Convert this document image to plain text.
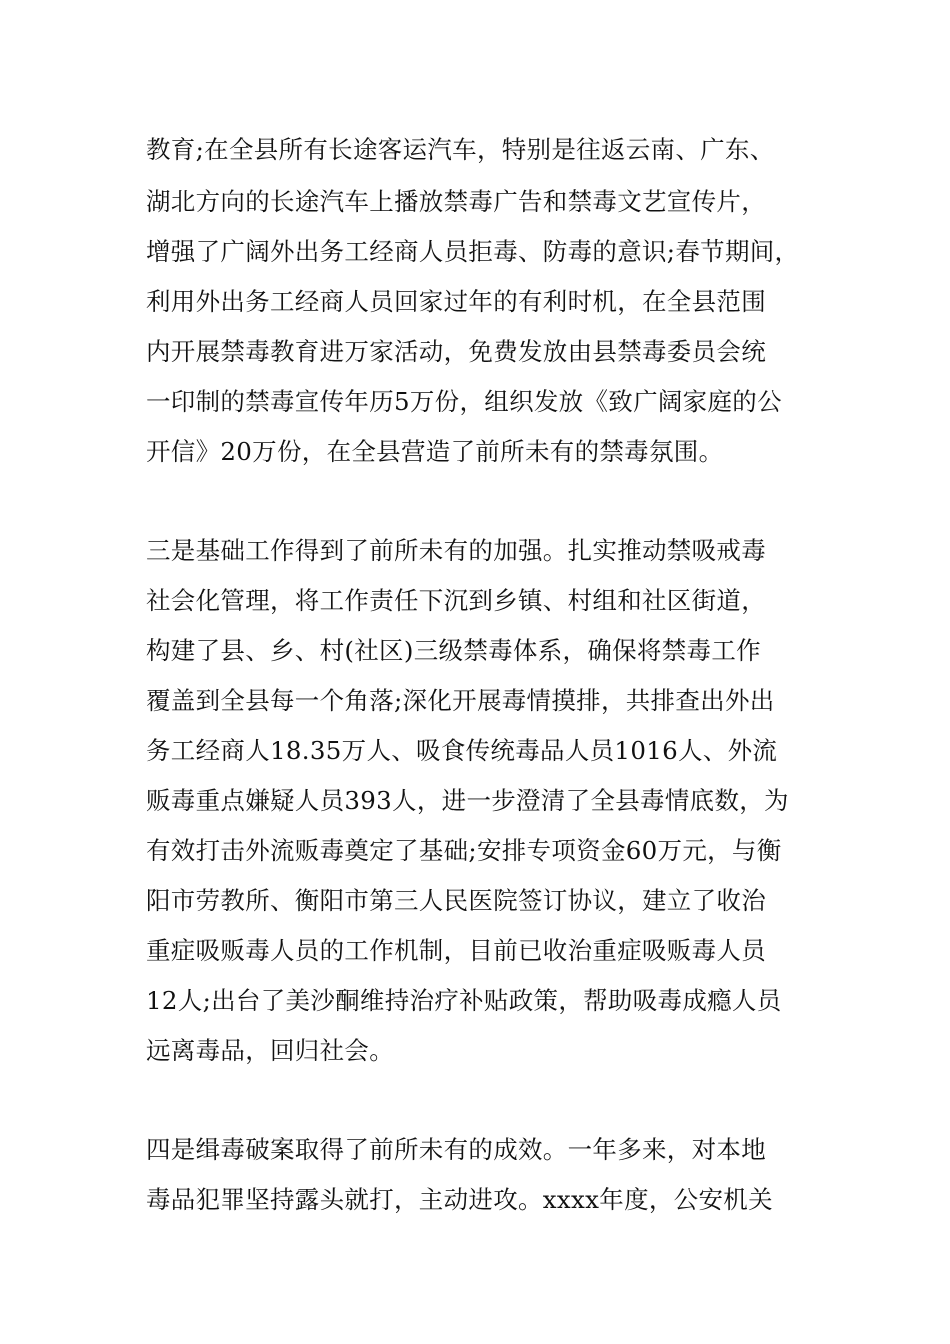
教育;在全县所有长途客运汽车，特别是往返云南、广东、
湖北方向的长途汽车上播放禁毒广告和禁毒文艺宣传片，
增强了广阔外出务工经商人员拒毒、防毒的意识;春节期间，
利用外出务工经商人员回家过年的有利时机，在全县范围
内开展禁毒教育进万家活动，免费发放由县禁毒委员会统
一印制的禁毒宣传年历5万份，组织发放《致广阔家庭的公
开信》20万份，在全县营造了前所未有的禁毒氛围。
三是基础工作得到了前所未有的加强。扎实推动禁吸戒毒
社会化管理，将工作责任下沉到乡镇、村组和社区街道，
构建了县、乡、村(社区)三级禁毒体系，确保将禁毒工作
覆盖到全县每一个角落;深化开展毒情摸排，共排查出外出
务工经商人18.35万人、吸食传统毒品人员1016人、外流
贩毒重点嫌疑人员393人，进一步澄清了全县毒情底数，为
有效打击外流贩毒奠定了基础;安排专项资金60万元，与衡
阳市劳教所、衡阳市第三人民医院签订协议，建立了收治
重症吸贩毒人员的工作机制，目前已收治重症吸贩毒人员
12人;出台了美沙酮维持治疗补贴政策，帮助吸毒成瘾人员
远离毒品，回归社会。
四是缉毒破案取得了前所未有的成效。一年多来，对本地
毒品犯罪坚持露头就打，主动进攻。xxxx年度，公安机关
